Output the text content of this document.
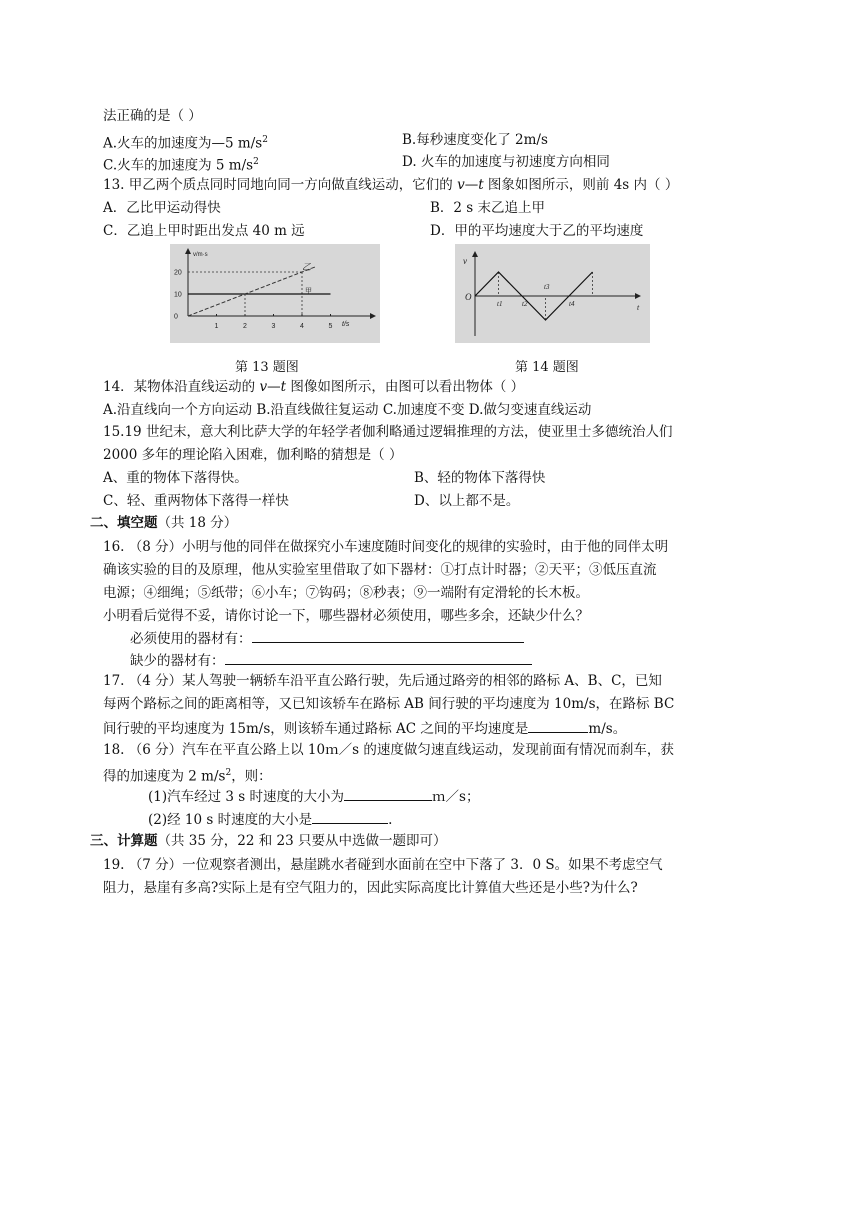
法正确的是（ ）
A.火车的加速度为—5 $m/s^2$	B.每秒速度变化了 2m/s
C.火车的加速度为 5 $m/s^2$	D. 火车的加速度与初速度方向相同
13. 甲乙两个质点同时同地向同一方向做直线运动，它们的 v—t 图象如图所示，则前 4s 内（ ）
A．乙比甲运动得快	B．2 s 末乙追上甲
C．乙追上甲时距出发点 40 m 远	D．甲的平均速度大于乙的平均速度
v/m·s
t/s
20
10
0
1	2	3	4	5
甲
乙
v
t
O
t1	t2
t3
t4
第 13 题图	第 14 题图
14．某物体沿直线运动的 v—t 图像如图所示，由图可以看出物体（ ）
A.沿直线向一个方向运动 B.沿直线做往复运动 C.加速度不变 D.做匀变速直线运动
15.19 世纪末，意大利比萨大学的年轻学者伽利略通过逻辑推理的方法，使亚里士多德统治人们
2000 多年的理论陷入困难，伽利略的猜想是（ ）
A、重的物体下落得快。	B、轻的物体下落得快
C、轻、重两物体下落得一样快	D、以上都不是。
二、填空题（共 18 分）
16. （8 分）小明与他的同伴在做探究小车速度随时间变化的规律的实验时，由于他的同伴太明
确该实验的目的及原理，他从实验室里借取了如下器材：①打点计时器；②天平；③低压直流
电源；④细绳；⑤纸带；⑥小车；⑦钩码；⑧秒表；⑨一端附有定滑轮的长木板。
小明看后觉得不妥，请你讨论一下，哪些器材必须使用，哪些多余，还缺少什么？
必须使用的器材有：
缺少的器材有：
17. （4 分）某人驾驶一辆轿车沿平直公路行驶，先后通过路旁的相邻的路标 A、B、C，已知
每两个路标之间的距离相等，又已知该轿车在路标 AB 间行驶的平均速度为 10m/s，在路标 BC
间行驶的平均速度为 15m/s，则该轿车通过路标 AC 之间的平均速度是	m/s。
18. （6 分）汽车在平直公路上以 10ｍ／s 的速度做匀速直线运动，发现前面有情况而刹车，获
得的加速度为 2 $m/s^2$，则：
(1)汽车经过 3 s 时速度的大小为	ｍ／s；
(2)经 10 s 时速度的大小是	.
三、计算题（共 35 分，22 和 23 只要从中选做一题即可）
19. （7 分）一位观察者测出，悬崖跳水者碰到水面前在空中下落了 3．0 S。如果不考虑空气
阻力，悬崖有多高?实际上是有空气阻力的，因此实际高度比计算值大些还是小些?为什么?
